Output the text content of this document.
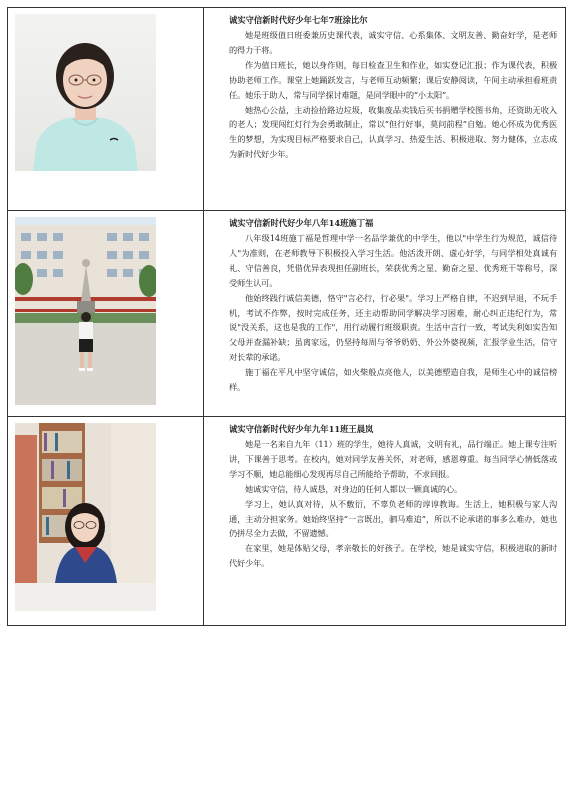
诚实守信新时代好少年七年7班涂比尔

她是班级值日班委兼历史课代表，诚实守信、心系集体、文明友善、勤奋好学，是老师的得力干将。

作为值日班长，她以身作则，每日检查卫生和作业，如实登记汇报；作为课代表，积极协助老师工作。课堂上她踊跃发言，与老师互动频繁；课后安静阅读，午间主动承担看班责任。她乐于助人，常与同学探讨难题，是同学眼中的“小太阳”。

她热心公益，主动捡拾路边垃圾，收集废品卖钱后买书捐赠学校图书角，还资助无收入的老人；发现闯红灯行为会勇敢制止，常以“但行好事，莫问前程”自勉。她心怀成为优秀医生的梦想，为实现目标严格要求自己，认真学习、热爱生活、积极进取、努力健体，立志成为新时代好少年。

诚实守信新时代好少年八年14班施丁福

八年级14班施丁福是哲理中学一名品学兼优的中学生，他以"中学生行为规范，诚信待人"为准则，在老师教导下积极投入学习生活。他活泼开朗、虚心好学，与同学相处真诚有礼、守信善良，凭借优异表现担任副班长，荣获优秀之星、勤奋之星、优秀班干等称号，深受师生认可。

他始终践行诚信美德，恪守"言必行，行必果"。学习上严格自律，不迟到早退，不玩手机，考试不作弊，按时完成任务，还主动帮助同学解决学习困难，耐心纠正违纪行为，常说"没关系，这也是我的工作"，用行动履行班级职责。生活中言行一致，考试失利如实告知父母并查漏补缺；虽离家远，仍坚持每周与爷爷奶奶、外公外婆视频，汇报学业生活，信守对长辈的承诺。

施丁福在平凡中坚守诚信，如火柴般点亮他人，以美德塑造自我，是师生心中的诚信榜样。

诚实守信新时代好少年九年11班王晨岚

她是一名来自九年（11）班的学生，她待人真诚，文明有礼，品行端正。她上课专注听讲，下课善于思考。在校内，她对同学友善关怀，对老师，感恩尊重。每当同学心情低落或学习不顺，她总能细心发现再尽自己所能给予帮助，不求回报。

她诚实守信，待人诚恳，对身边的任何人都以一颗真诚的心。

学习上，她认真对待，从不敷衍，不辜负老师的谆谆教诲。生活上，她积极与家人沟通，主动分担家务。她始终坚持“一言既出，驷马难追”，所以不论承诺的事多么难办，她也仍拼尽全力去做，不留遗憾。

在家里，她是体贴父母，孝亲敬长的好孩子。在学校，她是诚实守信，积极进取的新时代好少年。
